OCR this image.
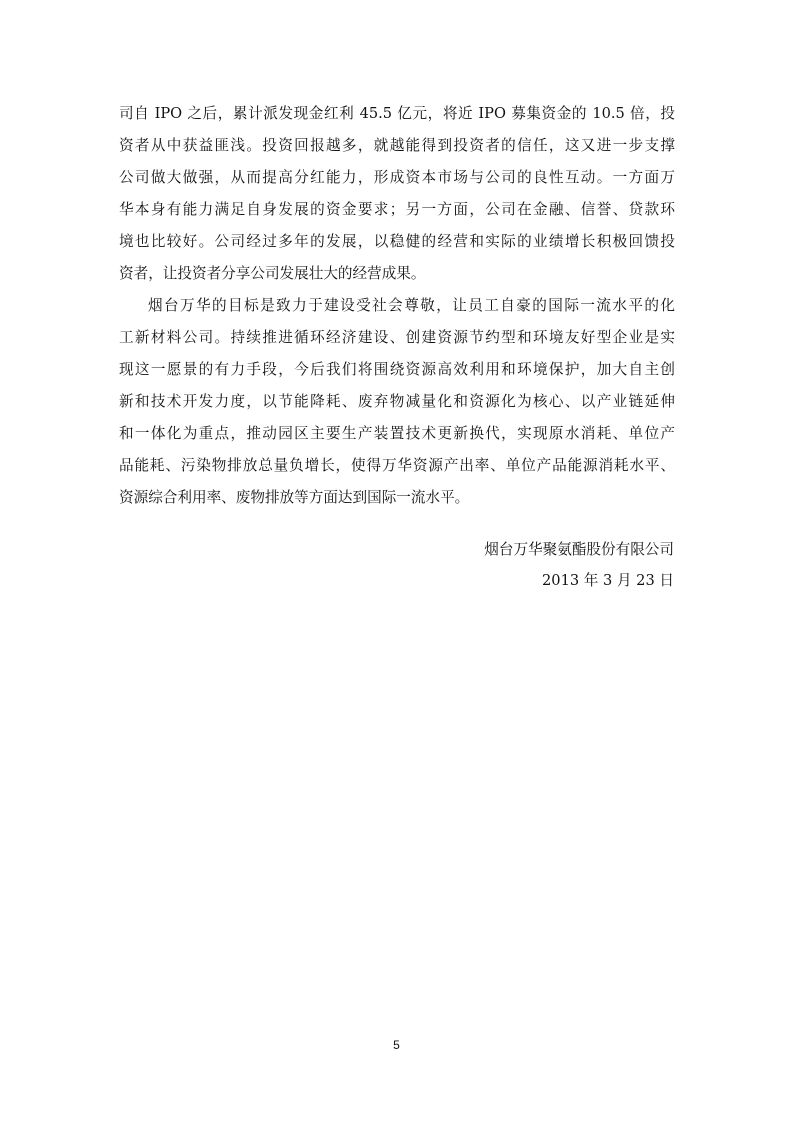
司自 IPO 之后，累计派发现金红利 45.5 亿元，将近 IPO 募集资金的 10.5 倍，投
资者从中获益匪浅。投资回报越多，就越能得到投资者的信任，这又进一步支撑
公司做大做强，从而提高分红能力，形成资本市场与公司的良性互动。一方面万
华本身有能力满足自身发展的资金要求；另一方面，公司在金融、信誉、贷款环
境也比较好。公司经过多年的发展，以稳健的经营和实际的业绩增长积极回馈投
资者，让投资者分享公司发展壮大的经营成果。
烟台万华的目标是致力于建设受社会尊敬，让员工自豪的国际一流水平的化
工新材料公司。持续推进循环经济建设、创建资源节约型和环境友好型企业是实
现这一愿景的有力手段，今后我们将围绕资源高效利用和环境保护，加大自主创
新和技术开发力度，以节能降耗、废弃物减量化和资源化为核心、以产业链延伸
和一体化为重点，推动园区主要生产装置技术更新换代，实现原水消耗、单位产
品能耗、污染物排放总量负增长，使得万华资源产出率、单位产品能源消耗水平、
资源综合利用率、废物排放等方面达到国际一流水平。
烟台万华聚氨酯股份有限公司
2013 年 3 月 23 日
5
